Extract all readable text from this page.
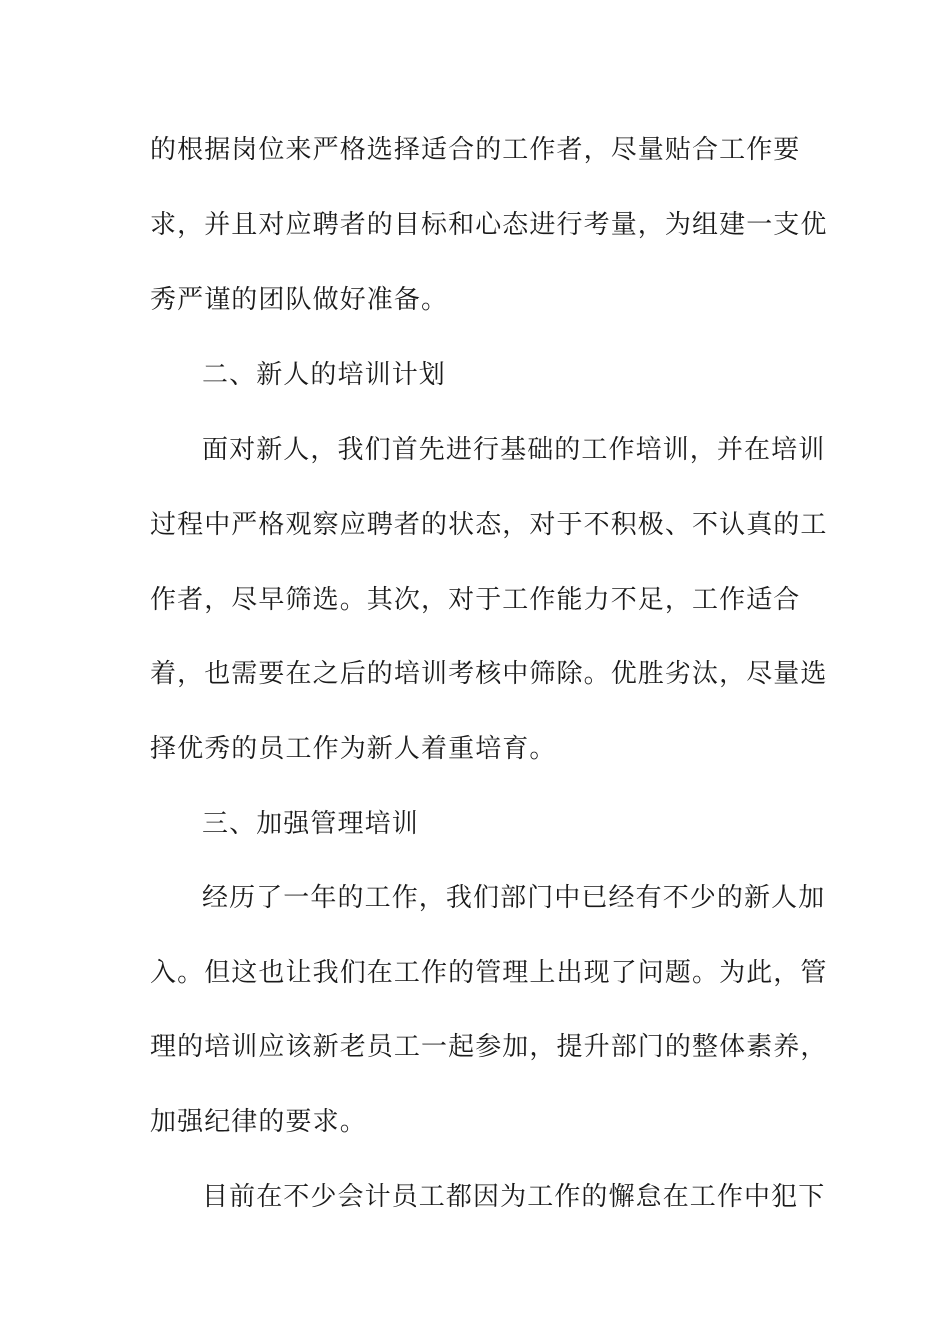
的根据岗位来严格选择适合的工作者，尽量贴合工作要
求，并且对应聘者的目标和心态进行考量，为组建一支优
秀严谨的团队做好准备。
二、新人的培训计划
面对新人，我们首先进行基础的工作培训，并在培训
过程中严格观察应聘者的状态，对于不积极、不认真的工
作者，尽早筛选。其次，对于工作能力不足，工作适合
着，也需要在之后的培训考核中筛除。优胜劣汰，尽量选
择优秀的员工作为新人着重培育。
三、加强管理培训
经历了一年的工作，我们部门中已经有不少的新人加
入。但这也让我们在工作的管理上出现了问题。为此，管
理的培训应该新老员工一起参加，提升部门的整体素养，
加强纪律的要求。
目前在不少会计员工都因为工作的懈怠在工作中犯下
